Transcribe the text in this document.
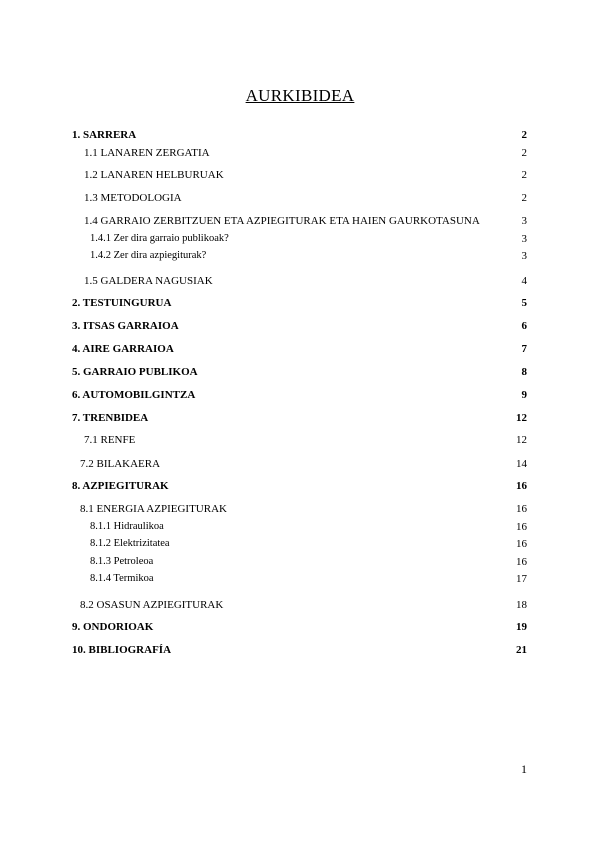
AURKIBIDEA
1. SARRERA	2
1.1 LANAREN ZERGATIA	2
1.2 LANAREN HELBURUAK	2
1.3 METODOLOGIA	2
1.4 GARRAIO ZERBITZUEN ETA AZPIEGITURAK ETA HAIEN GAURKOTASUNA	3
1.4.1 Zer dira garraio publikoak?	3
1.4.2 Zer dira azpiegiturak?	3
1.5 GALDERA NAGUSIAK	4
2. TESTUINGURUA	5
3. ITSAS GARRAIOA	6
4. AIRE GARRAIOA	7
5. GARRAIO PUBLIKOA	8
6. AUTOMOBILGINTZA	9
7. TRENBIDEA	12
7.1 RENFE	12
7.2 BILAKAERA	14
8. AZPIEGITURAK	16
8.1 ENERGIA AZPIEGITURAK	16
8.1.1 Hidraulikoa	16
8.1.2 Elektrizitatea	16
8.1.3 Petroleoa	16
8.1.4 Termikoa	17
8.2 OSASUN AZPIEGITURAK	18
9. ONDORIOAK	19
10. BIBLIOGRAFÍA	21
1
